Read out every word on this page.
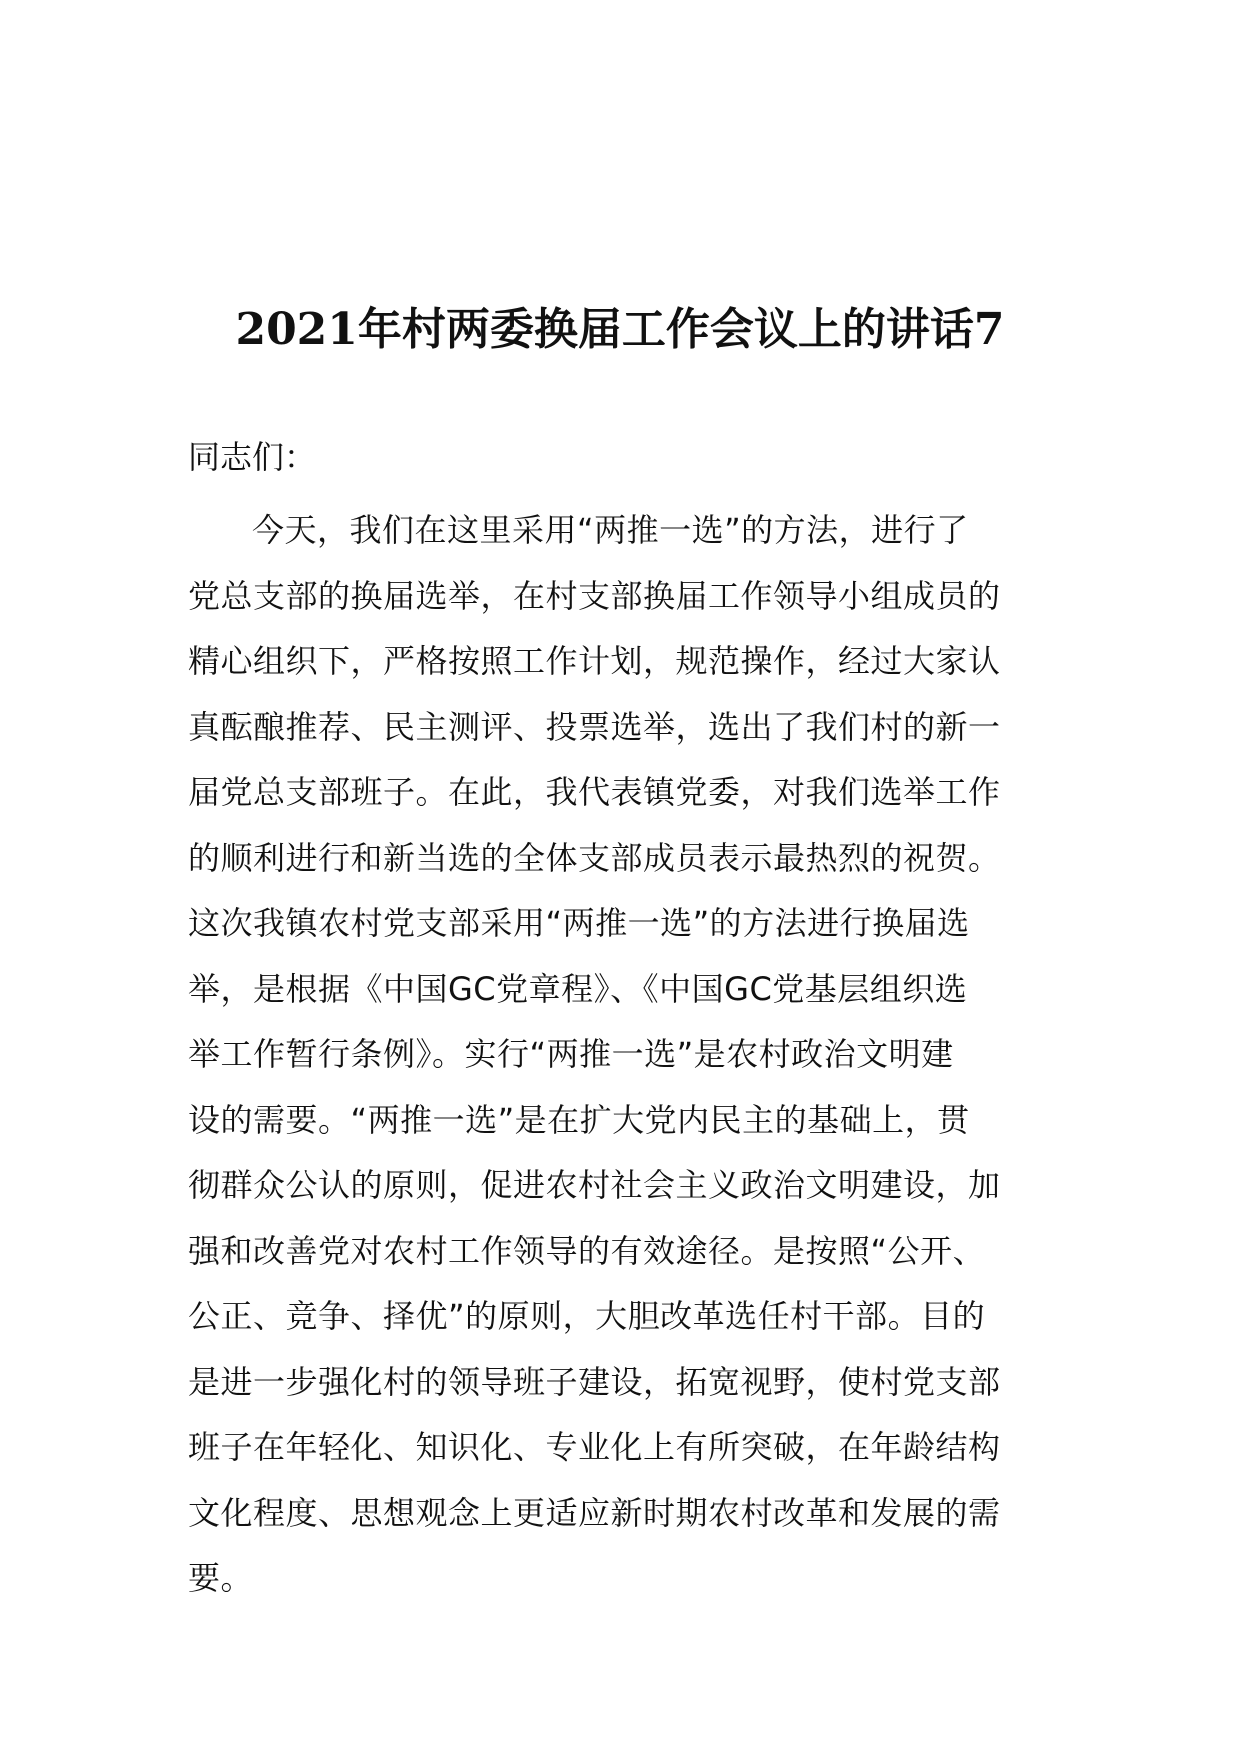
2021年村两委换届工作会议上的讲话7
同志们：
今天，我们在这里采用“两推一选”的方法，进行了
党总支部的换届选举，在村支部换届工作领导小组成员的
精心组织下，严格按照工作计划，规范操作，经过大家认
真酝酿推荐、民主测评、投票选举，选出了我们村的新一
届党总支部班子。在此，我代表镇党委，对我们选举工作
的顺利进行和新当选的全体支部成员表示最热烈的祝贺。
这次我镇农村党支部采用“两推一选”的方法进行换届选
举，是根据《中国GC党章程》、《中国GC党基层组织选
举工作暂行条例》。实行“两推一选”是农村政治文明建
设的需要。“两推一选”是在扩大党内民主的基础上，贯
彻群众公认的原则，促进农村社会主义政治文明建设，加
强和改善党对农村工作领导的有效途径。是按照“公开、
公正、竞争、择优”的原则，大胆改革选任村干部。目的
是进一步强化村的领导班子建设，拓宽视野，使村党支部
班子在年轻化、知识化、专业化上有所突破，在年龄结构
文化程度、思想观念上更适应新时期农村改革和发展的需
要。
